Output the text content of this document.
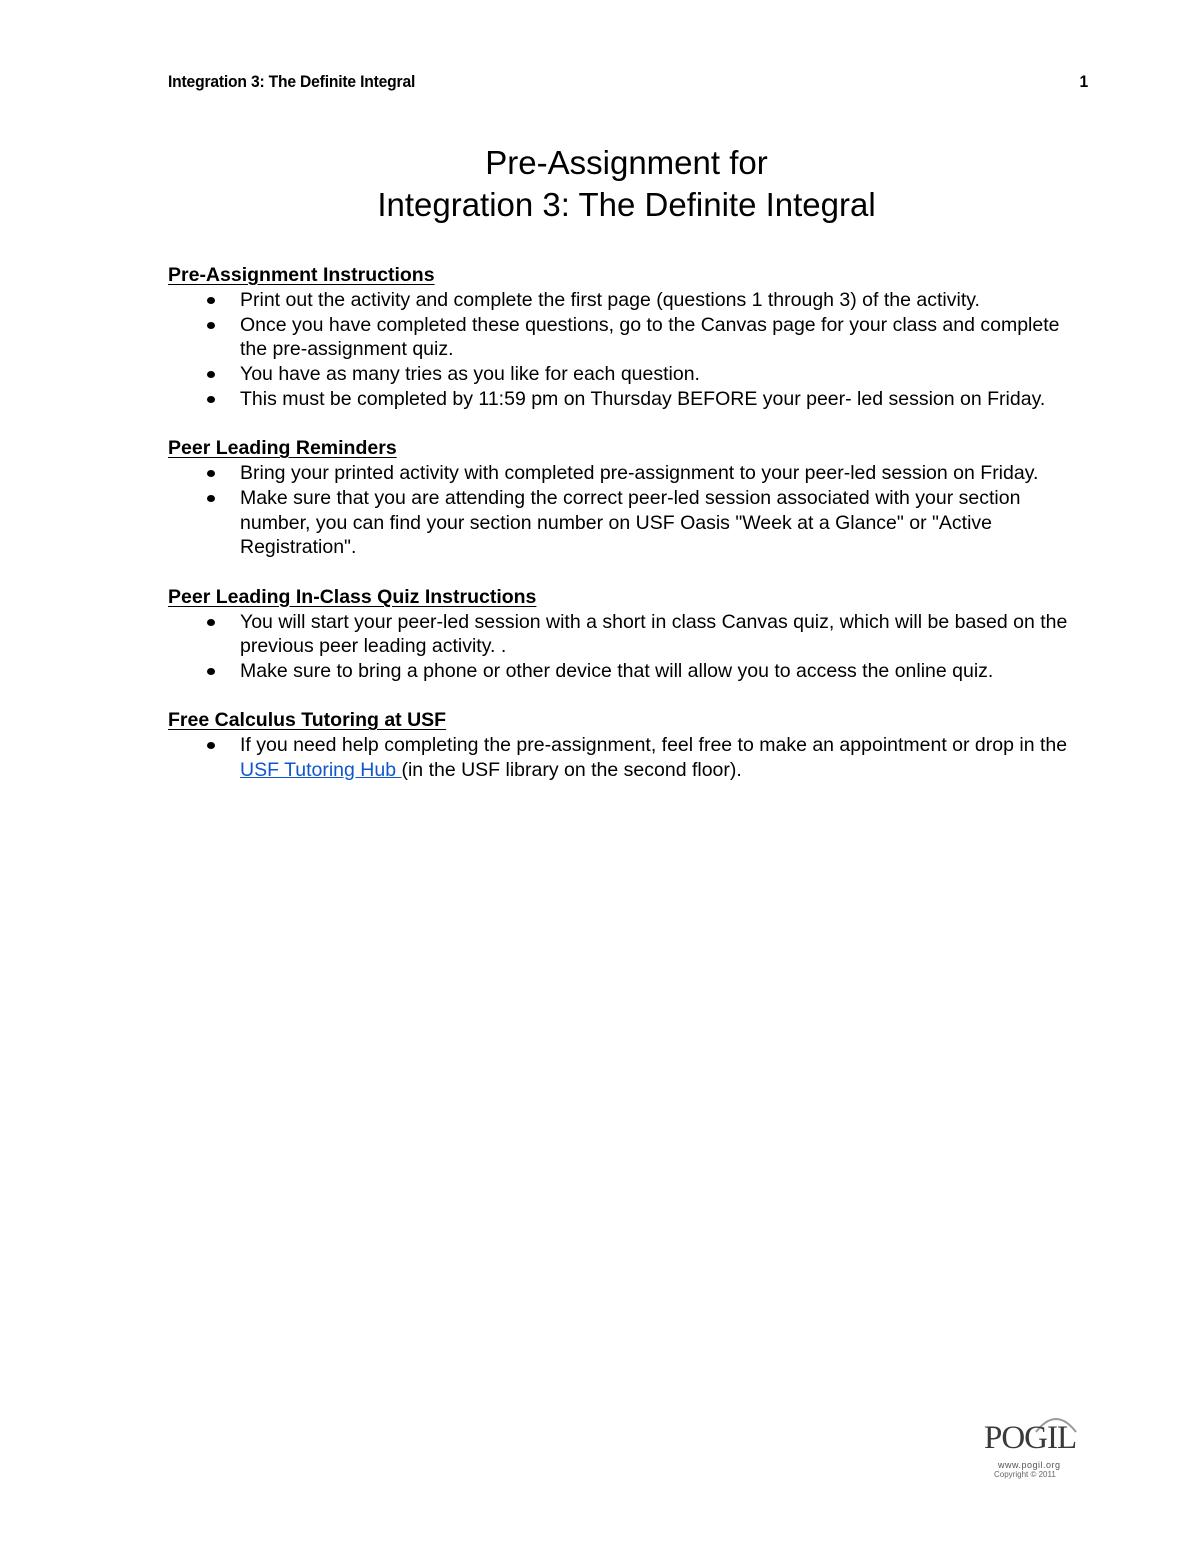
Integration 3: The Definite Integral	1

Pre-Assignment for

Integration 3: The Definite Integral

Pre-Assignment Instructions

Print out the activity and complete the first page (questions 1 through 3) of the activity.
Once you have completed these questions, go to the Canvas page for your class and complete the pre-assignment quiz.
You have as many tries as you like for each question.
This must be completed by 11:59 pm on Thursday BEFORE your peer- led session on Friday.

Peer Leading Reminders

Bring your printed activity with completed pre-assignment to your peer-led session on Friday.
Make sure that you are attending the correct peer-led session associated with your section number, you can find your section number on USF Oasis "Week at a Glance" or "Active Registration".

Peer Leading In-Class Quiz Instructions

You will start your peer-led session with a short in class Canvas quiz, which will be based on the previous peer leading activity. .
Make sure to bring a phone or other device that will allow you to access the online quiz.

Free Calculus Tutoring at USF

If you need help completing the pre-assignment, feel free to make an appointment or drop in the USF Tutoring Hub (in the USF library on the second floor).
POGIL
www.pogil.org
Copyright © 2011
